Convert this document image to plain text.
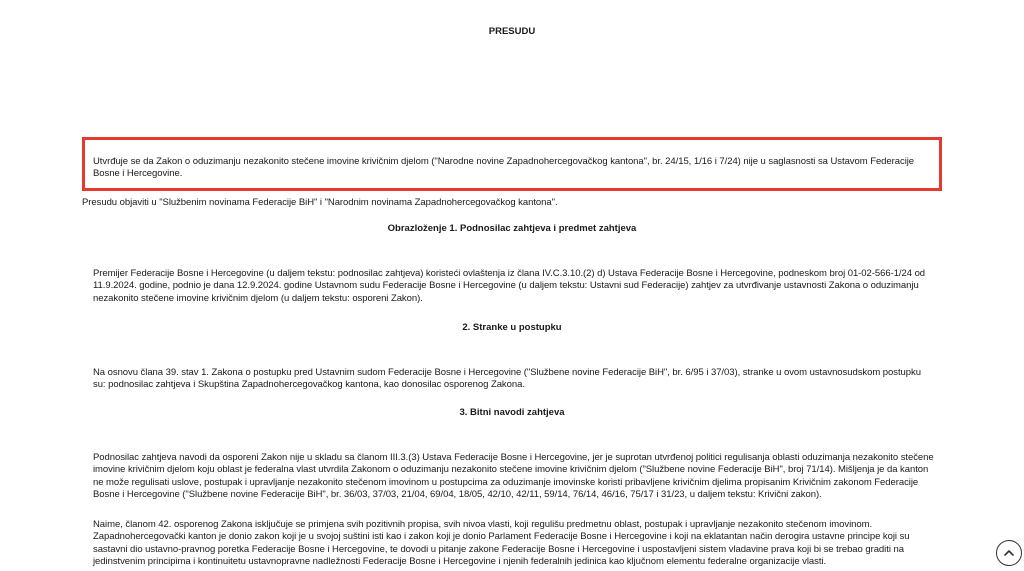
PRESUDU

Utvrđuje se da Zakon o oduzimanju nezakonito stečene imovine krivičnim djelom ("Narodne novine Zapadnohercegovačkog kantona", br. 24/15, 1/16 i 7/24) nije u saglasnosti sa Ustavom Federacije Bosne i Hercegovine.

Presudu objaviti u "Službenim novinama Federacije BiH" i "Narodnim novinama Zapadnohercegovačkog kantona".

Obrazloženje 1. Podnosilac zahtjeva i predmet zahtjeva

Premijer Federacije Bosne i Hercegovine (u daljem tekstu: podnosilac zahtjeva) koristeći ovlaštenja iz člana IV.C.3.10.(2) d) Ustava Federacije Bosne i Hercegovine, podneskom broj 01-02-566-1/24 od 11.9.2024. godine, podnio je dana 12.9.2024. godine Ustavnom sudu Federacije Bosne i Hercegovine (u daljem tekstu: Ustavni sud Federacije) zahtjev za utvrđivanje ustavnosti Zakona o oduzimanju nezakonito stečene imovine krivičnim djelom (u daljem tekstu: osporeni Zakon).

2. Stranke u postupku

Na osnovu člana 39. stav 1. Zakona o postupku pred Ustavnim sudom Federacije Bosne i Hercegovine ("Službene novine Federacije BiH", br. 6/95 i 37/03), stranke u ovom ustavnosudskom postupku su: podnosilac zahtjeva i Skupština Zapadnohercegovačkog kantona, kao donosilac osporenog Zakona.

3. Bitni navodi zahtjeva

Podnosilac zahtjeva navodi da osporeni Zakon nije u skladu sa članom III.3.(3) Ustava Federacije Bosne i Hercegovine, jer je suprotan utvrđenoj politici regulisanja oblasti oduzimanja nezakonito stečene imovine krivičnim djelom koju oblast je federalna vlast utvrdila Zakonom o oduzimanju nezakonito stečene imovine krivičnim djelom ("Službene novine Federacije BiH", broj 71/14). Mišljenja je da kanton ne može regulisati uslove, postupak i upravljanje nezakonito stečenom imovinom u postupcima za oduzimanje imovinske koristi pribavljene krivičnim djelima propisanim Krivičnim zakonom Federacije Bosne i Hercegovine ("Službene novine Federacije BiH", br. 36/03, 37/03, 21/04, 69/04, 18/05, 42/10, 42/11, 59/14, 76/14, 46/16, 75/17 i 31/23, u daljem tekstu: Krivični zakon).

Naime, članom 42. osporenog Zakona isključuje se primjena svih pozitivnih propisa, svih nivoa vlasti, koji regulišu predmetnu oblast, postupak i upravljanje nezakonito stečenom imovinom. Zapadnohercegovački kanton je donio zakon koji je u svojoj suštini isti kao i zakon koji je donio Parlament Federacije Bosne i Hercegovine i koji na eklatantan način derogira ustavne principe koji su sastavni dio ustavno-pravnog poretka Federacije Bosne i Hercegovine, te dovodi u pitanje zakone Federacije Bosne i Hercegovine i uspostavljeni sistem vladavine prava koji bi se trebao graditi na jedinstvenim principima i kontinuitetu ustavnopravne nadležnosti Federacije Bosne i Hercegovine i njenih federalnih jedinica kao ključnom elementu federalne organizacije vlasti.
